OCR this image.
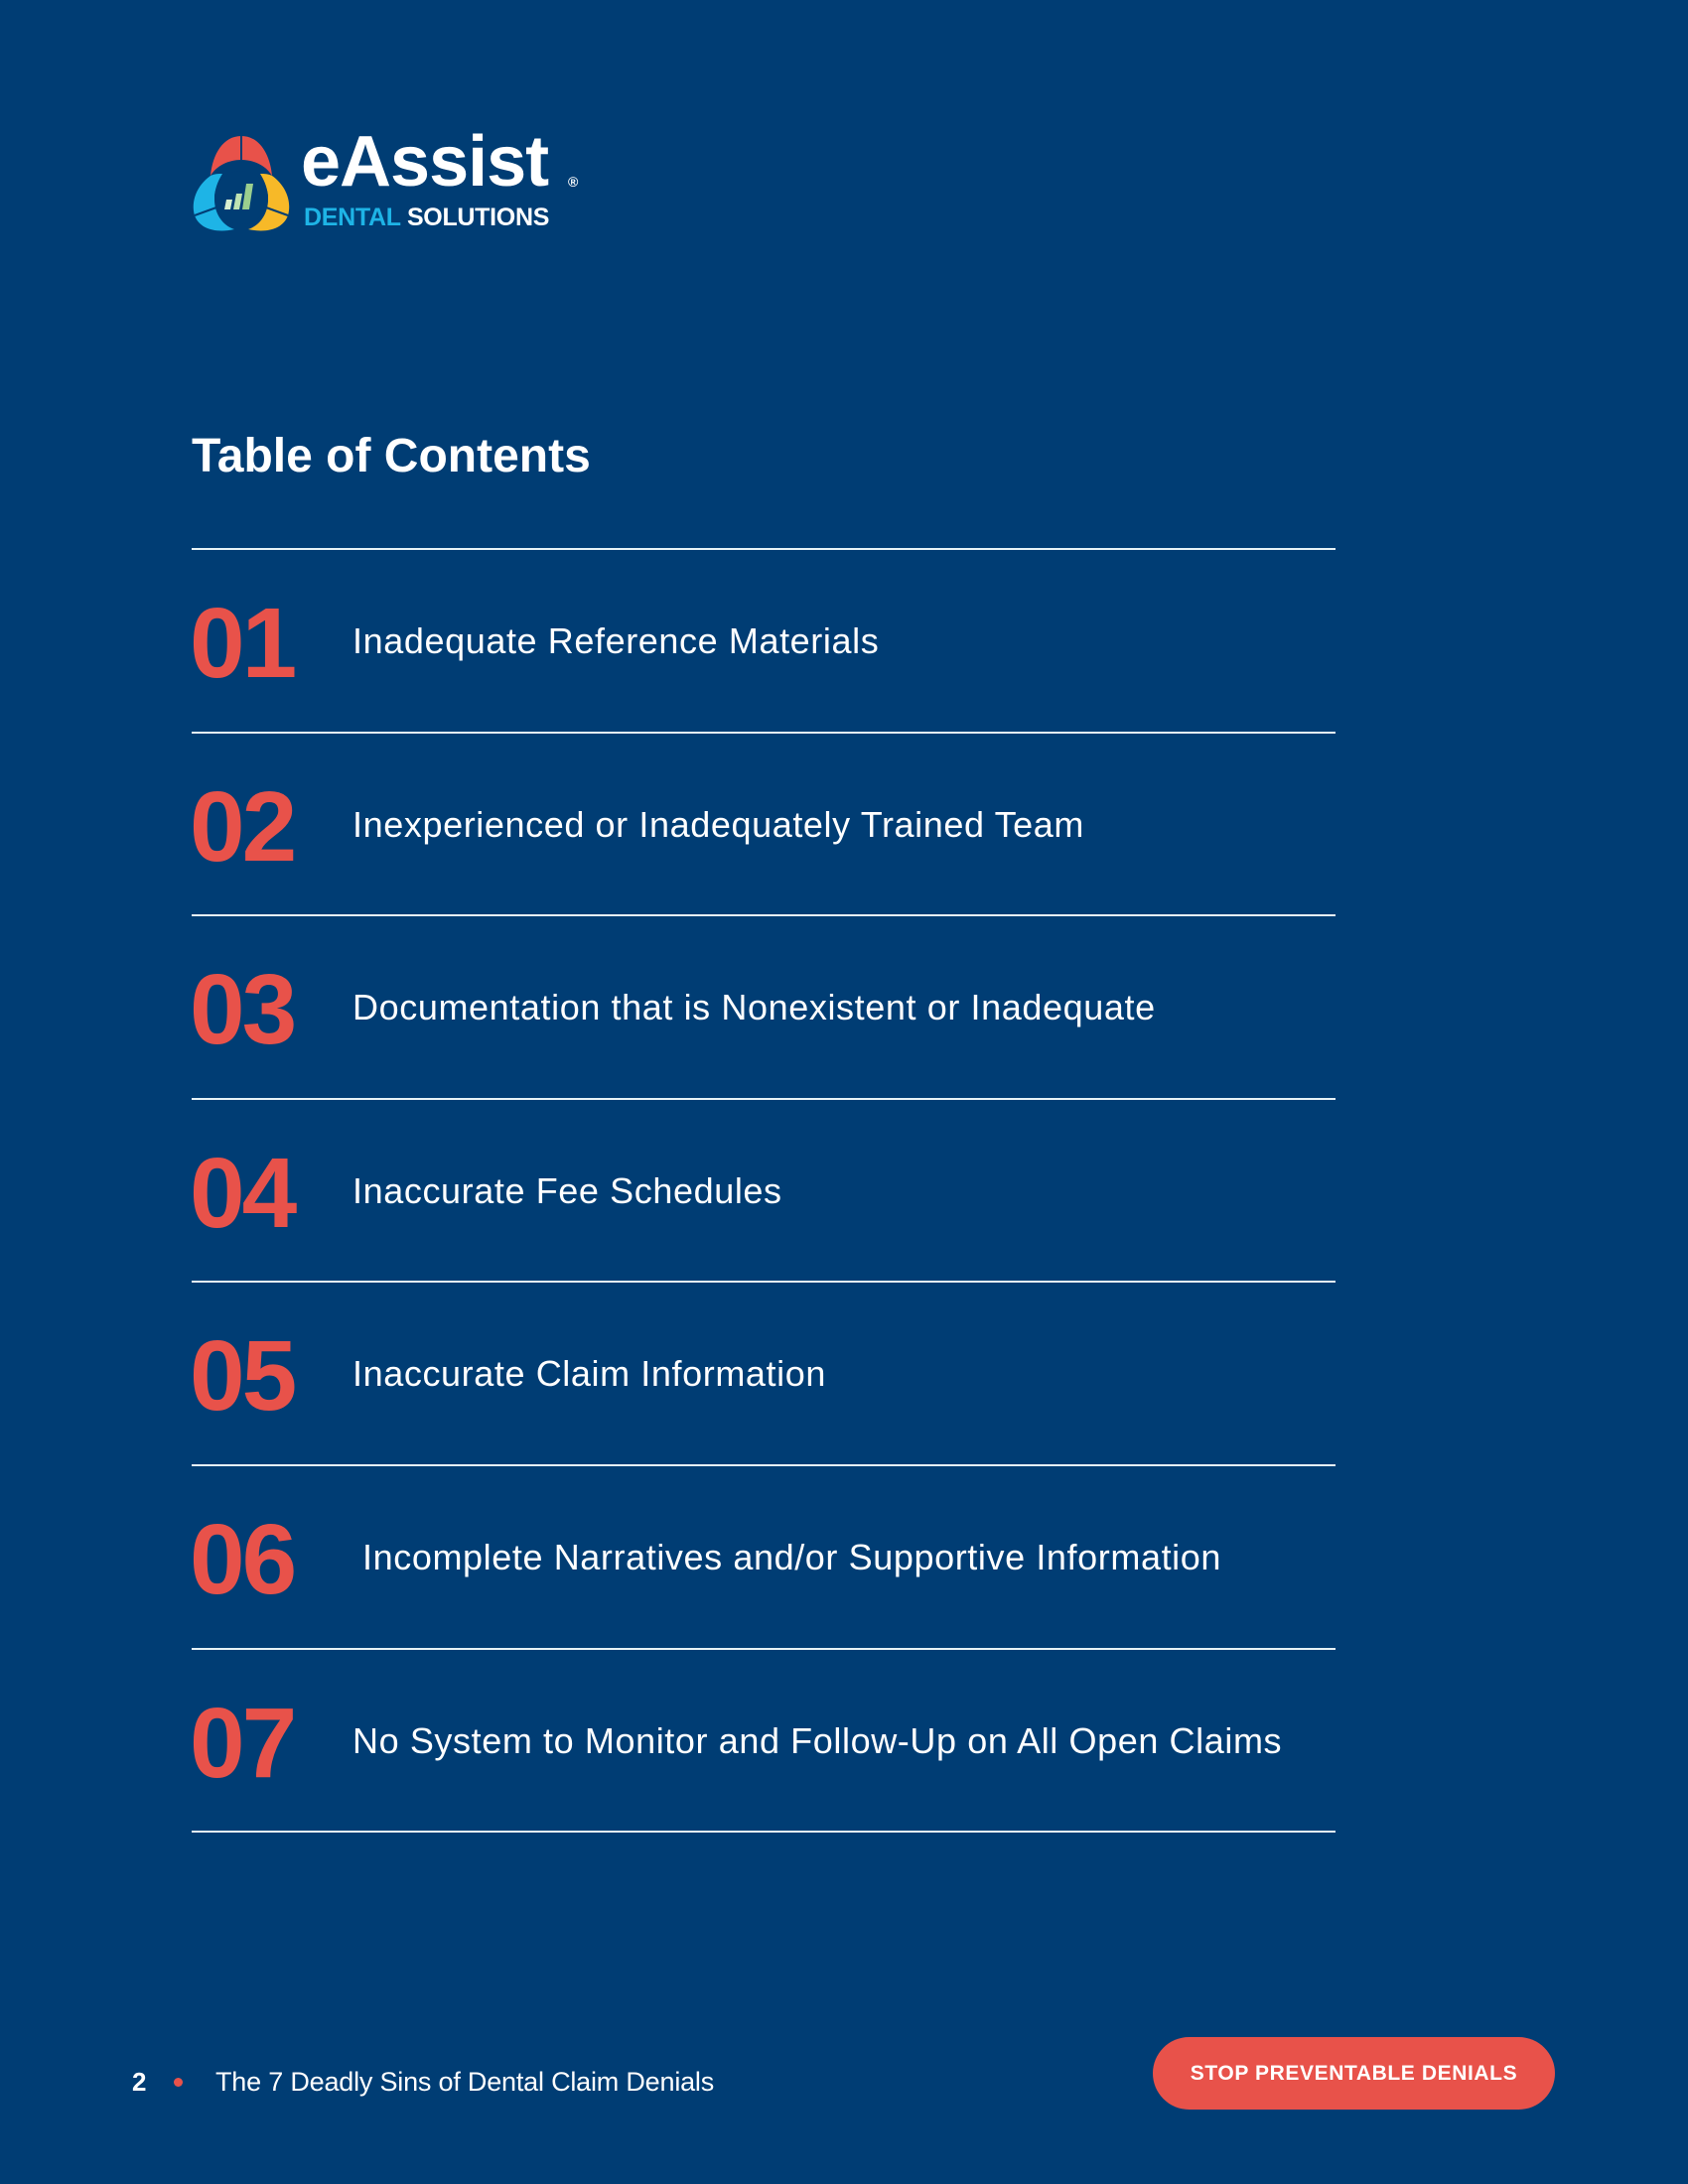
eAssist ®
DENTAL SOLUTIONS
Table of Contents
01 Inadequate Reference Materials
02 Inexperienced or Inadequately Trained Team
03 Documentation that is Nonexistent or Inadequate
04 Inaccurate Fee Schedules
05 Inaccurate Claim Information
06 Incomplete Narratives and/or Supportive Information
07 No System to Monitor and Follow-Up on All Open Claims
2	The 7 Deadly Sins of Dental Claim Denials	STOP PREVENTABLE DENIALS
